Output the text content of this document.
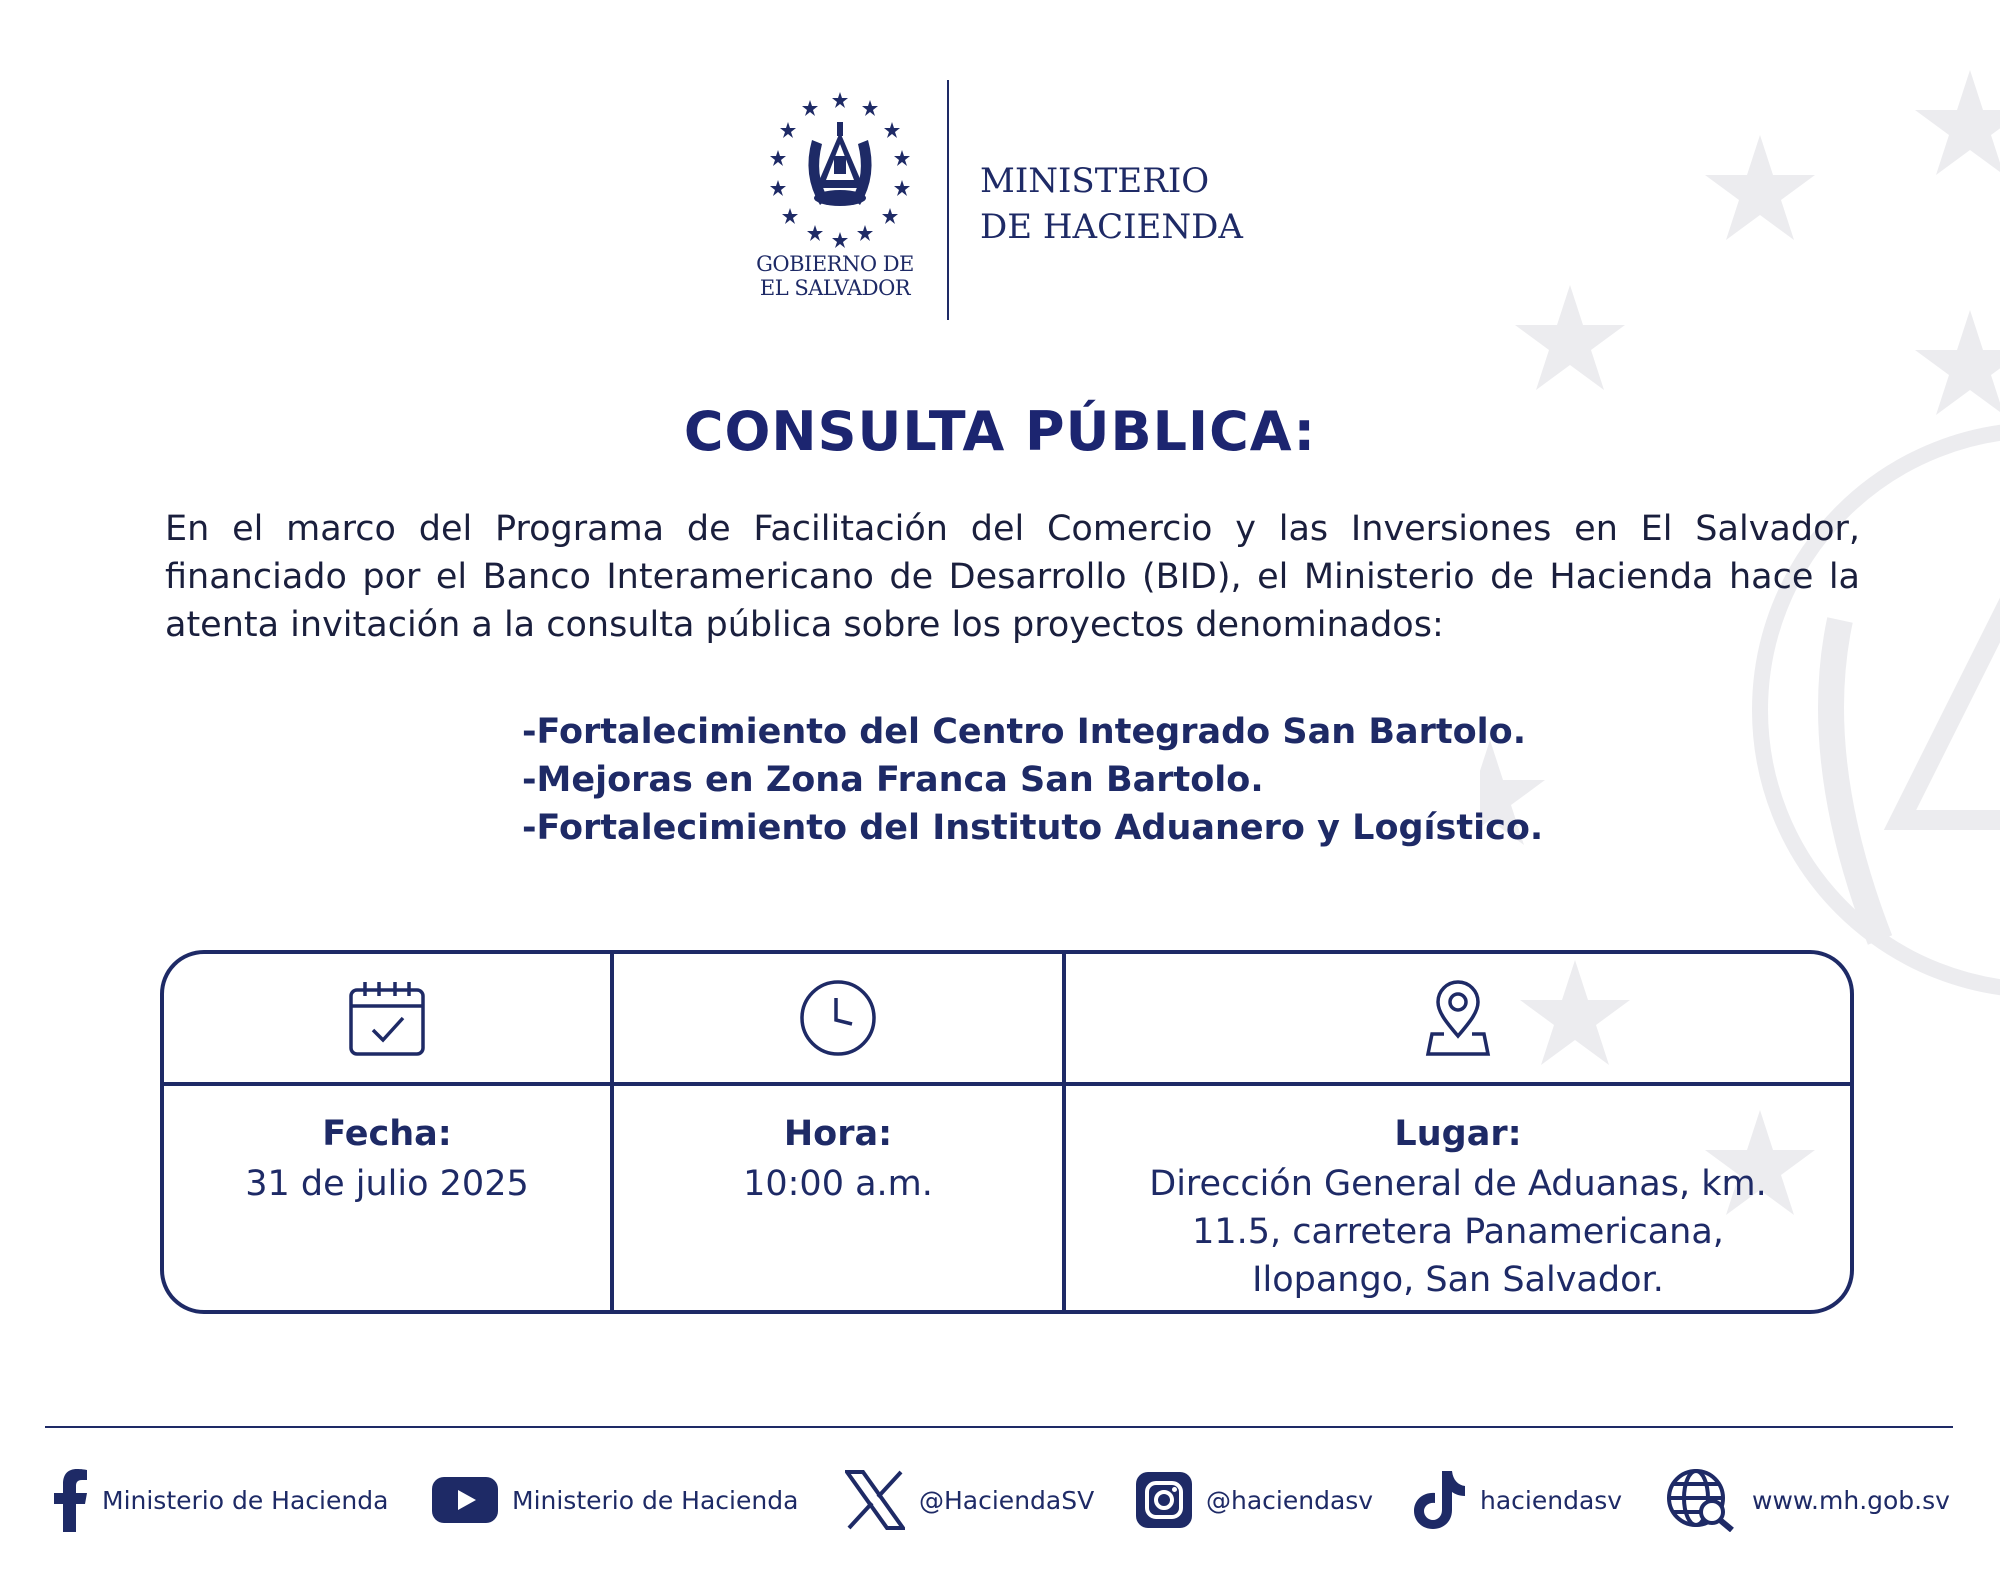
GOBIERNO DE
EL SALVADOR
MINISTERIO
DE HACIENDA
CONSULTA PÚBLICA:

En el marco del Programa de Facilitación del Comercio y las Inversiones en El Salvador, financiado por el Banco Interamericano de Desarrollo (BID), el Ministerio de Hacienda hace la atenta invitación a la consulta pública sobre los proyectos denominados:

-Fortalecimiento del Centro Integrado San Bartolo.
-Mejoras en Zona Franca San Bartolo.
-Fortalecimiento del Instituto Aduanero y Logístico.
Fecha:
31 de julio 2025
Hora:
10:00 a.m.
Lugar:
Dirección General de Aduanas, km. 11.5, carretera Panamericana, Ilopango, San Salvador.
Ministerio de Hacienda	Ministerio de Hacienda	@HaciendaSV	@haciendasv	haciendasv	www.mh.gob.sv
